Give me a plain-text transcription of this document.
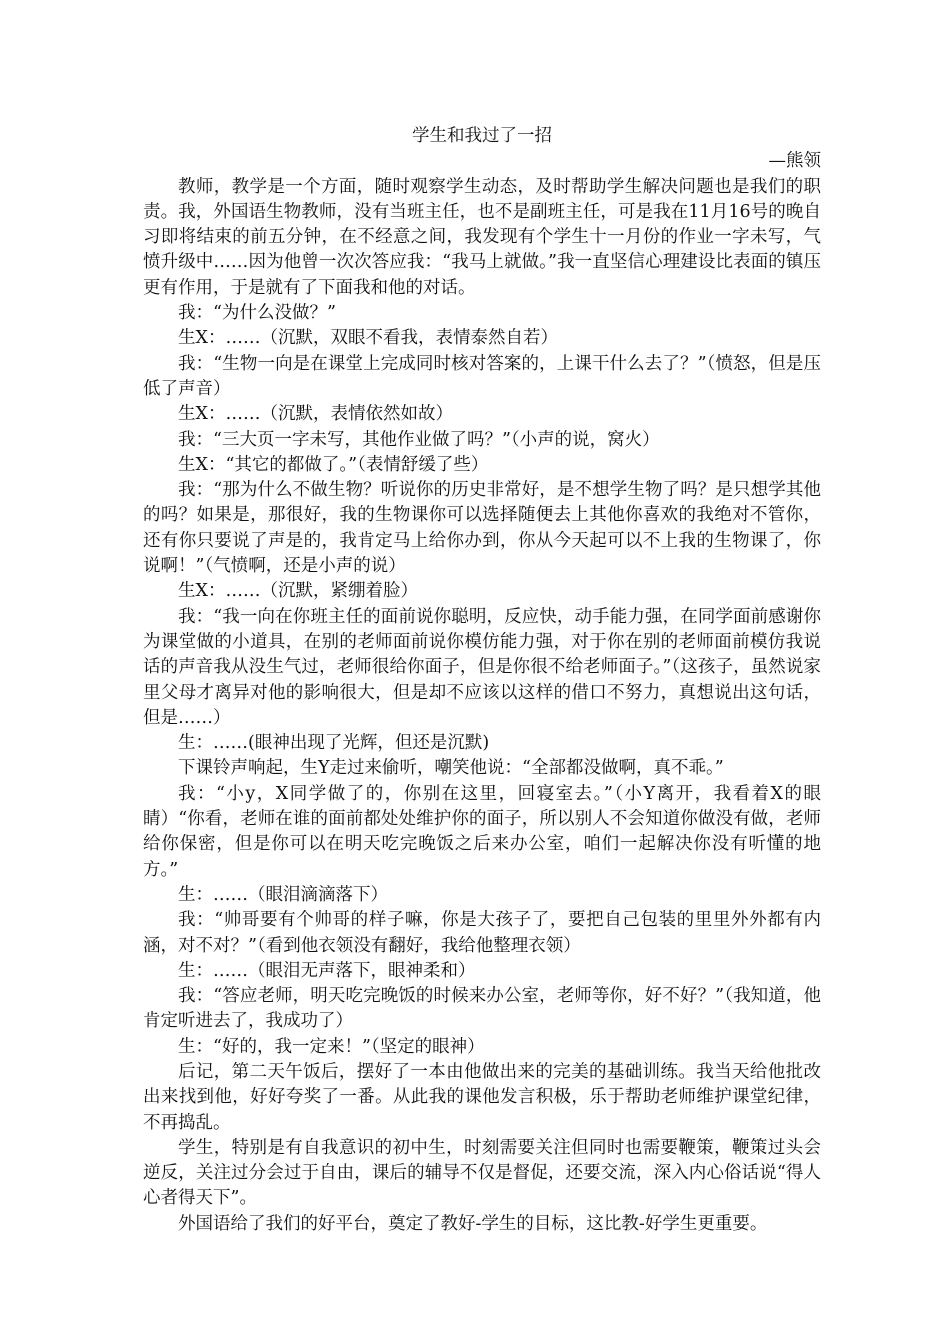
学生和我过了一招

—熊领

教师，教学是一个方面，随时观察学生动态，及时帮助学生解决问题也是我们的职责。我，外国语生物教师，没有当班主任，也不是副班主任，可是我在11月16号的晚自习即将结束的前五分钟，在不经意之间，我发现有个学生十一月份的作业一字未写，气愤升级中……因为他曾一次次答应我：“我马上就做。”我一直坚信心理建设比表面的镇压更有作用，于是就有了下面我和他的对话。

我：“为什么没做？”

生X：……（沉默，双眼不看我，表情泰然自若）

我：“生物一向是在课堂上完成同时核对答案的，上课干什么去了？”（愤怒，但是压低了声音）

生X：……（沉默，表情依然如故）

我：“三大页一字未写，其他作业做了吗？”（小声的说，窝火）

生X：“其它的都做了。”（表情舒缓了些）

我：“那为什么不做生物？听说你的历史非常好，是不想学生物了吗？是只想学其他的吗？如果是，那很好，我的生物课你可以选择随便去上其他你喜欢的我绝对不管你，还有你只要说了声是的，我肯定马上给你办到，你从今天起可以不上我的生物课了，你说啊！”（气愤啊，还是小声的说）

生X：……（沉默，紧绷着脸）

我：“我一向在你班主任的面前说你聪明，反应快，动手能力强，在同学面前感谢你为课堂做的小道具，在别的老师面前说你模仿能力强，对于你在别的老师面前模仿我说话的声音我从没生气过，老师很给你面子，但是你很不给老师面子。”（这孩子，虽然说家里父母才离异对他的影响很大，但是却不应该以这样的借口不努力，真想说出这句话，但是……）

生：……(眼神出现了光辉，但还是沉默)

下课铃声响起，生Y走过来偷听，嘲笑他说：“全部都没做啊，真不乖。”

我：“小y，X同学做了的，你别在这里，回寝室去。”（小Y离开，我看着X的眼睛）“你看，老师在谁的面前都处处维护你的面子，所以别人不会知道你做没有做，老师给你保密，但是你可以在明天吃完晚饭之后来办公室，咱们一起解决你没有听懂的地方。”

生：……（眼泪滴滴落下）

我：“帅哥要有个帅哥的样子嘛，你是大孩子了，要把自己包装的里里外外都有内涵，对不对？”（看到他衣领没有翻好，我给他整理衣领）

生：……（眼泪无声落下，眼神柔和）

我：“答应老师，明天吃完晚饭的时候来办公室，老师等你，好不好？”（我知道，他肯定听进去了，我成功了）

生：“好的，我一定来！”（坚定的眼神）

后记，第二天午饭后，摆好了一本由他做出来的完美的基础训练。我当天给他批改出来找到他，好好夸奖了一番。从此我的课他发言积极，乐于帮助老师维护课堂纪律，不再捣乱。

学生，特别是有自我意识的初中生，时刻需要关注但同时也需要鞭策，鞭策过头会逆反，关注过分会过于自由，课后的辅导不仅是督促，还要交流，深入内心俗话说“得人心者得天下”。

外国语给了我们的好平台，奠定了教好-学生的目标，这比教-好学生更重要。
